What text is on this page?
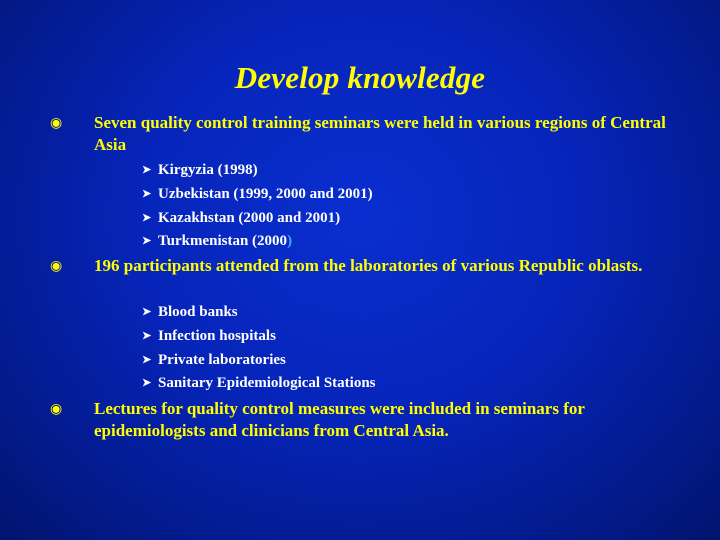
Develop knowledge
◉ Seven quality control training seminars were held in various regions of Central Asia
➤ Kirgyzia (1998)
➤ Uzbekistan (1999, 2000 and 2001)
➤ Kazakhstan (2000 and 2001)
➤ Turkmenistan (2000)
◉ 196 participants attended from the laboratories of various Republic oblasts.
➤ Blood banks
➤ Infection hospitals
➤ Private laboratories
➤ Sanitary Epidemiological Stations
◉ Lectures for quality control measures were included in seminars for epidemiologists and clinicians from Central Asia.
